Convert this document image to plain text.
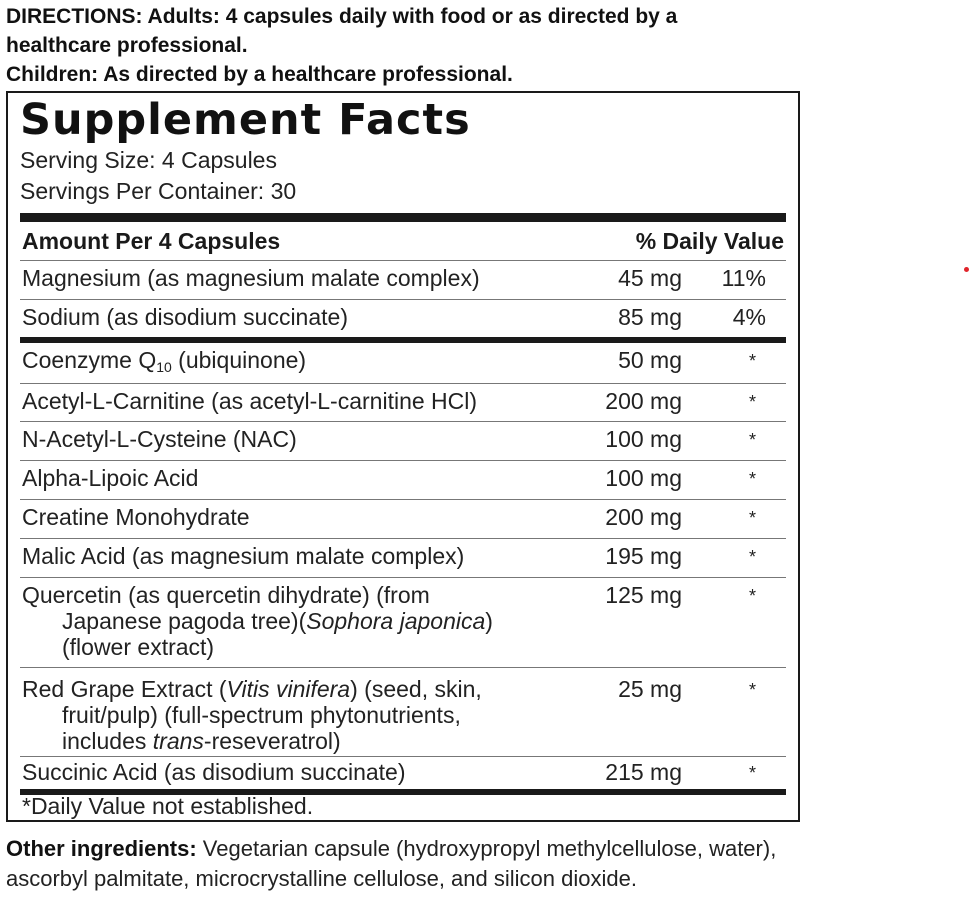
DIRECTIONS: Adults: 4 capsules daily with food or as directed by a
healthcare professional.
Children: As directed by a healthcare professional.
Supplement Facts
Serving Size: 4 Capsules
Servings Per Container: 30
Amount Per 4 Capsules	% Daily Value
Magnesium (as magnesium malate complex)	45 mg 11%
Sodium (as disodium succinate)	85 mg 4%
Coenzyme $Q_{10}$ (ubiquinone)	50 mg	*
Acetyl-L-Carnitine (as acetyl-L-carnitine HCl)	200 mg	*
N-Acetyl-L-Cysteine (NAC)	100 mg	*
Alpha-Lipoic Acid	100 mg	*
Creatine Monohydrate	200 mg	*
Malic Acid (as magnesium malate complex)	195 mg	*
Quercetin (as quercetin dihydrate) (from

Japanese pagoda tree)(Sophora japonica)
(flower extract)
125 mg	*
Red Grape Extract (Vitis vinifera) (seed, skin,

fruit/pulp) (full-spectrum phytonutrients,
includes trans-reseveratrol)
25 mg	*
Succinic Acid (as disodium succinate)	215 mg	*
*Daily Value not established.
Other ingredients: Vegetarian capsule (hydroxypropyl methylcellulose, water),
ascorbyl palmitate, microcrystalline cellulose, and silicon dioxide.
